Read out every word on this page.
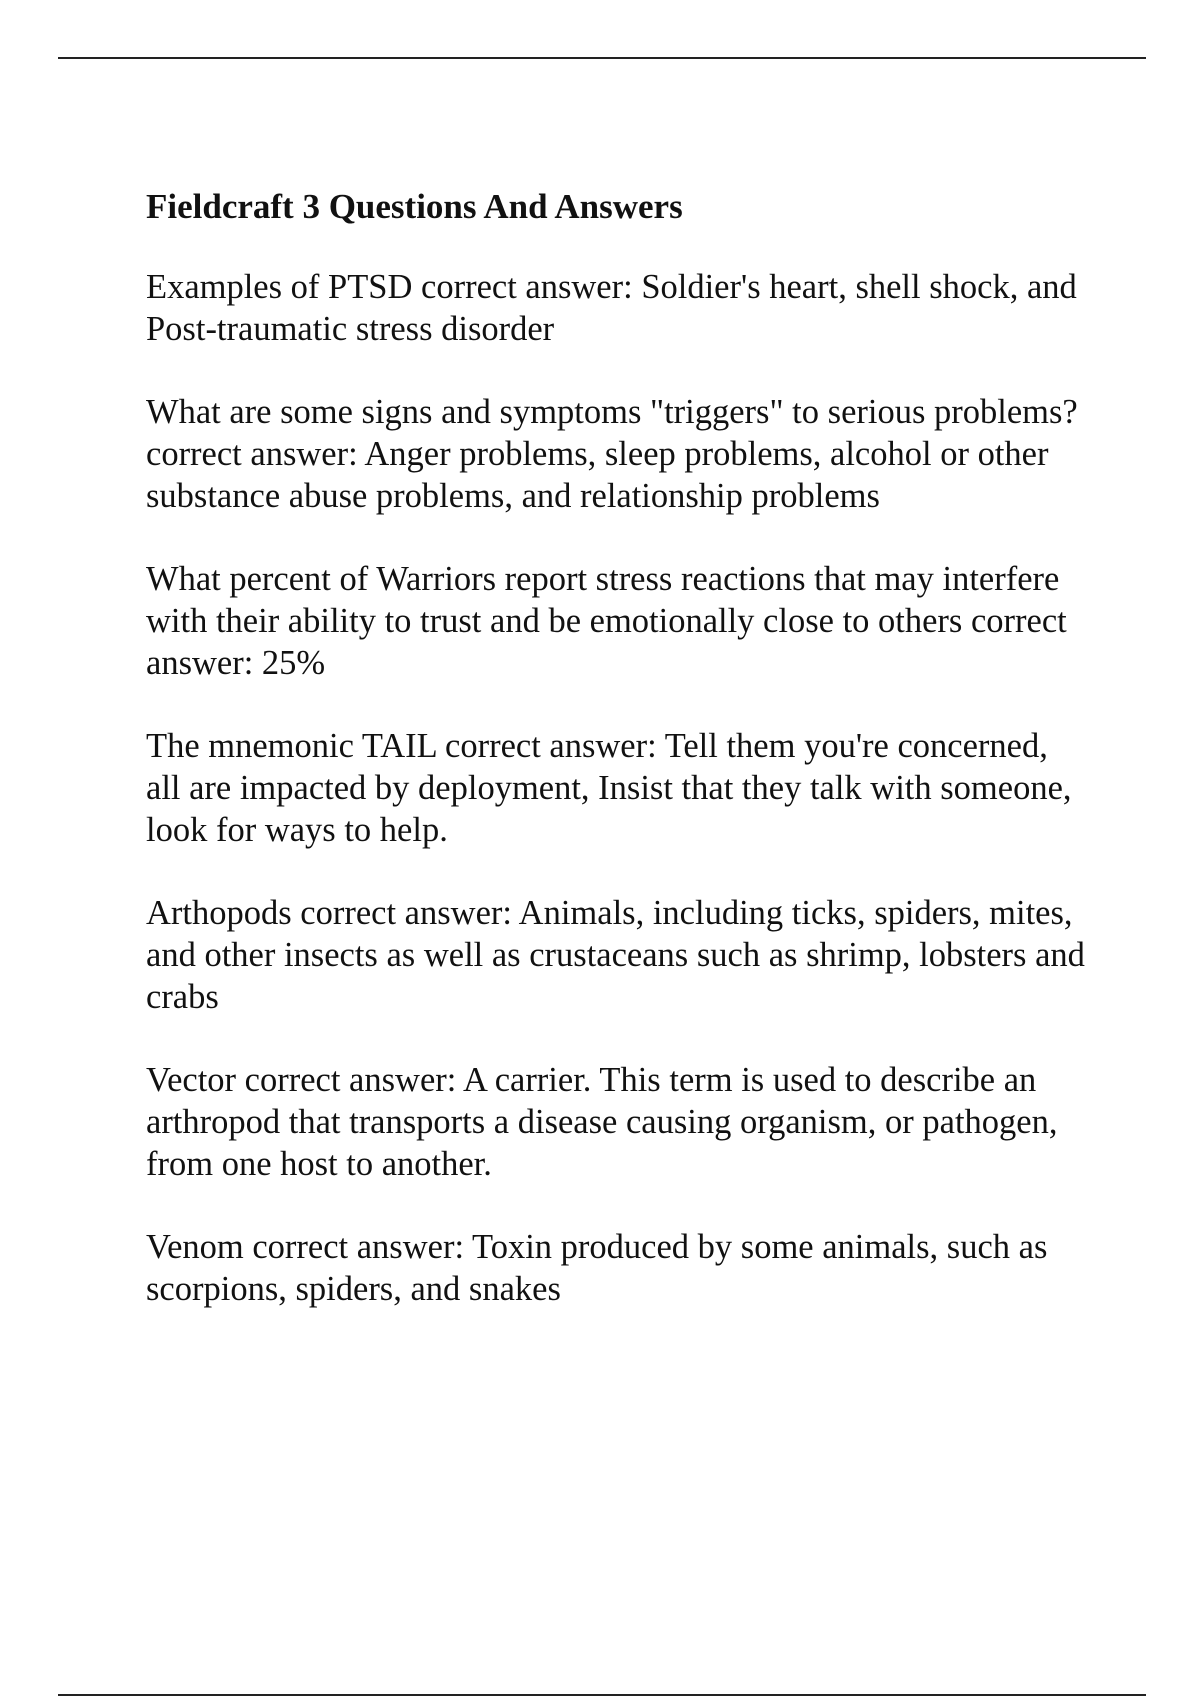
Fieldcraft 3 Questions And Answers

Examples of PTSD correct answer: Soldier's heart, shell shock, and Post-traumatic stress disorder

What are some signs and symptoms "triggers" to serious problems? correct answer: Anger problems, sleep problems, alcohol or other substance abuse problems, and relationship problems

What percent of Warriors report stress reactions that may interfere with their ability to trust and be emotionally close to others correct answer: 25%

The mnemonic TAIL correct answer: Tell them you're concerned, all are impacted by deployment, Insist that they talk with someone, look for ways to help.

Arthopods correct answer: Animals, including ticks, spiders, mites, and other insects as well as crustaceans such as shrimp, lobsters and crabs

Vector correct answer: A carrier. This term is used to describe an arthropod that transports a disease causing organism, or pathogen, from one host to another.

Venom correct answer: Toxin produced by some animals, such as scorpions, spiders, and snakes
